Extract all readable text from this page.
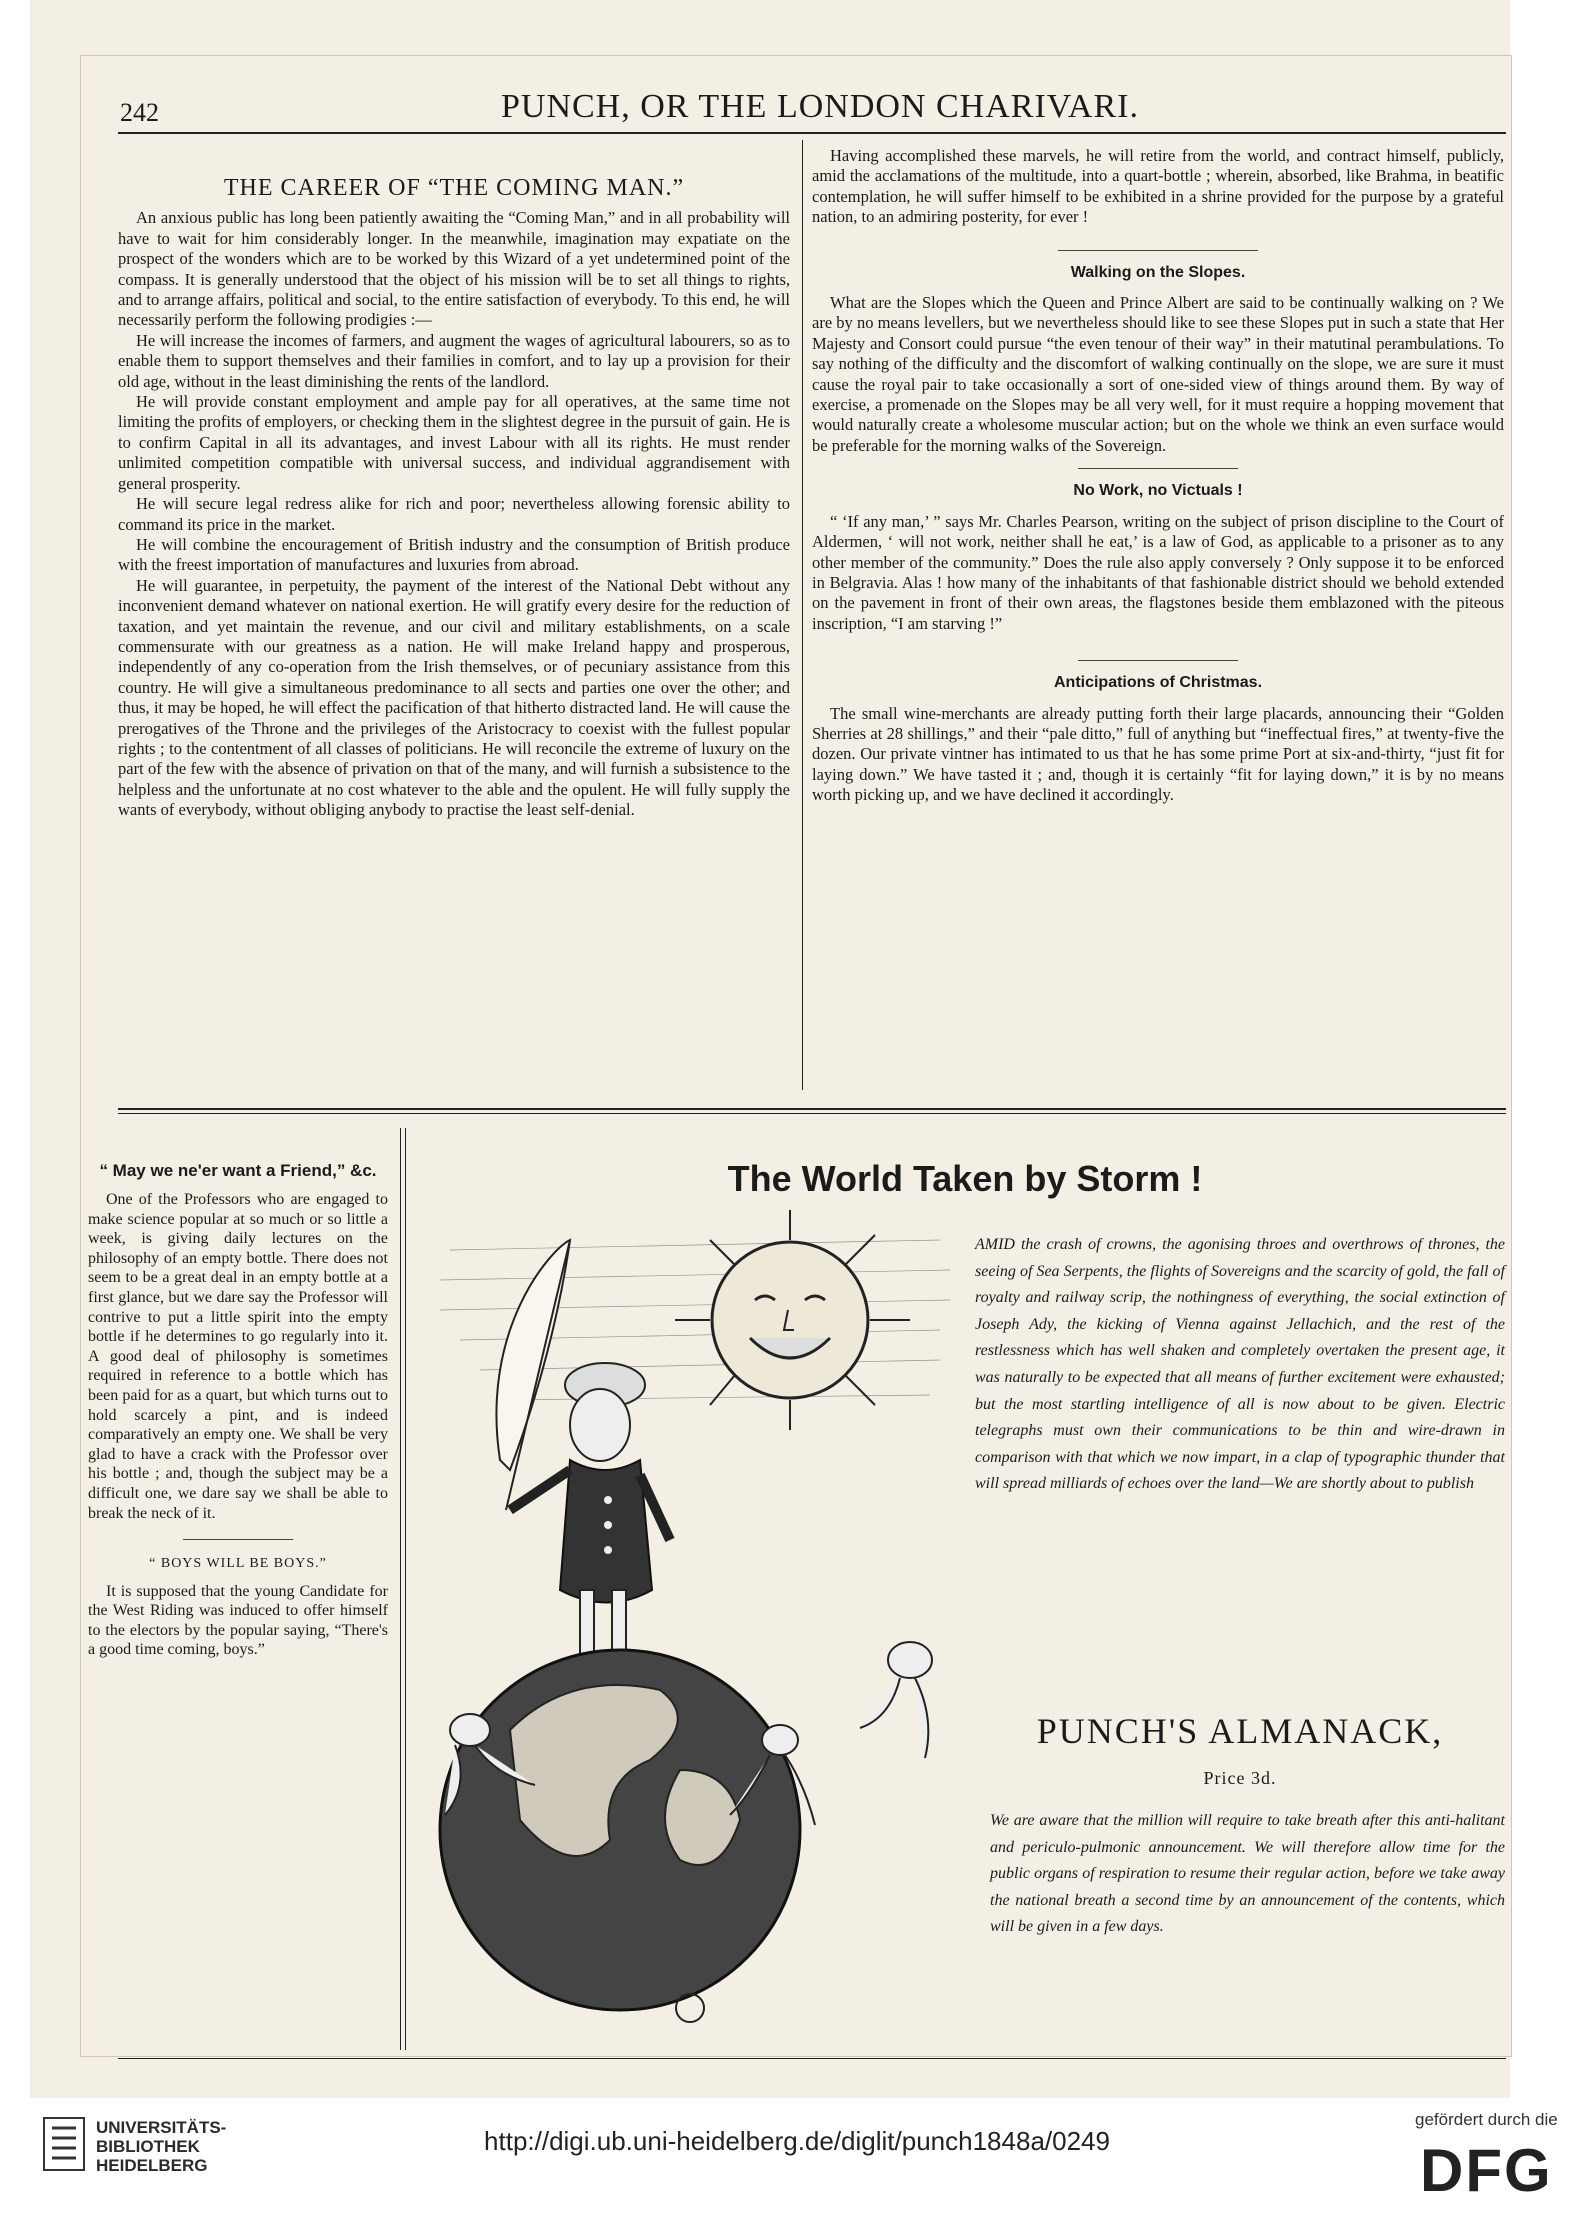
242	PUNCH, OR THE LONDON CHARIVARI.
THE CAREER OF “THE COMING MAN.”

An anxious public has long been patiently awaiting the “Coming Man,” and in all probability will have to wait for him considerably longer. In the meanwhile, imagination may expatiate on the prospect of the wonders which are to be worked by this Wizard of a yet undetermined point of the compass. It is generally understood that the object of his mission will be to set all things to rights, and to arrange affairs, political and social, to the entire satisfaction of everybody. To this end, he will necessarily perform the following prodigies :—

He will increase the incomes of farmers, and augment the wages of agricultural labourers, so as to enable them to support themselves and their families in comfort, and to lay up a provision for their old age, without in the least diminishing the rents of the landlord.

He will provide constant employment and ample pay for all operatives, at the same time not limiting the profits of employers, or checking them in the slightest degree in the pursuit of gain. He is to confirm Capital in all its advantages, and invest Labour with all its rights. He must render unlimited competition compatible with universal success, and individual aggrandisement with general prosperity.

He will secure legal redress alike for rich and poor; nevertheless allowing forensic ability to command its price in the market.

He will combine the encouragement of British industry and the consumption of British produce with the freest importation of manufactures and luxuries from abroad.

He will guarantee, in perpetuity, the payment of the interest of the National Debt without any inconvenient demand whatever on national exertion. He will gratify every desire for the reduction of taxation, and yet maintain the revenue, and our civil and military establishments, on a scale commensurate with our greatness as a nation. He will make Ireland happy and prosperous, independently of any co-operation from the Irish themselves, or of pecuniary assistance from this country. He will give a simultaneous predominance to all sects and parties one over the other; and thus, it may be hoped, he will effect the pacification of that hitherto distracted land. He will cause the prerogatives of the Throne and the privileges of the Aristocracy to coexist with the fullest popular rights ; to the contentment of all classes of politicians. He will reconcile the extreme of luxury on the part of the few with the absence of privation on that of the many, and will furnish a subsistence to the helpless and the unfortunate at no cost whatever to the able and the opulent. He will fully supply the wants of everybody, without obliging anybody to practise the least self-denial.

Having accomplished these marvels, he will retire from the world, and contract himself, publicly, amid the acclamations of the multitude, into a quart-bottle ; wherein, absorbed, like Brahma, in beatific contemplation, he will suffer himself to be exhibited in a shrine provided for the purpose by a grateful nation, to an admiring posterity, for ever !

Walking on the Slopes.

What are the Slopes which the Queen and Prince Albert are said to be continually walking on ? We are by no means levellers, but we nevertheless should like to see these Slopes put in such a state that Her Majesty and Consort could pursue “the even tenour of their way” in their matutinal perambulations. To say nothing of the difficulty and the discomfort of walking continually on the slope, we are sure it must cause the royal pair to take occasionally a sort of one-sided view of things around them. By way of exercise, a promenade on the Slopes may be all very well, for it must require a hopping movement that would naturally create a wholesome muscular action; but on the whole we think an even surface would be preferable for the morning walks of the Sovereign.

No Work, no Victuals !

“ ‘If any man,’ ” says Mr. Charles Pearson, writing on the subject of prison discipline to the Court of Aldermen, ‘ will not work, neither shall he eat,’ is a law of God, as applicable to a prisoner as to any other member of the community.” Does the rule also apply conversely ? Only suppose it to be enforced in Belgravia. Alas ! how many of the inhabitants of that fashionable district should we behold extended on the pavement in front of their own areas, the flagstones beside them emblazoned with the piteous inscription, “I am starving !”

Anticipations of Christmas.

The small wine-merchants are already putting forth their large placards, announcing their “Golden Sherries at 28 shillings,” and their “pale ditto,” full of anything but “ineffectual fires,” at twenty-five the dozen. Our private vintner has intimated to us that he has some prime Port at six-and-thirty, “just fit for laying down.” We have tasted it ; and, though it is certainly “fit for laying down,” it is by no means worth picking up, and we have declined it accordingly.

“ May we ne'er want a Friend,” &c.

One of the Professors who are engaged to make science popular at so much or so little a week, is giving daily lectures on the philosophy of an empty bottle. There does not seem to be a great deal in an empty bottle at a first glance, but we dare say the Professor will contrive to put a little spirit into the empty bottle if he determines to go regularly into it. A good deal of philosophy is sometimes required in reference to a bottle which has been paid for as a quart, but which turns out to hold scarcely a pint, and is indeed comparatively an empty one. We shall be very glad to have a crack with the Professor over his bottle ; and, though the subject may be a difficult one, we dare say we shall be able to break the neck of it.

“ BOYS WILL BE BOYS.”

It is supposed that the young Candidate for the West Riding was induced to offer himself to the electors by the popular saying, “There's a good time coming, boys.”

The World Taken by Storm !
AMID the crash of crowns, the agonising throes and overthrows of thrones, the seeing of Sea Serpents, the flights of Sovereigns and the scarcity of gold, the fall of royalty and railway scrip, the nothingness of everything, the social extinction of Joseph Ady, the kicking of Vienna against Jellachich, and the rest of the restlessness which has well shaken and completely overtaken the present age, it was naturally to be expected that all means of further excitement were exhausted; but the most startling intelligence of all is now about to be given. Electric telegraphs must own their communications to be thin and wire-drawn in comparison with that which we now impart, in a clap of typographic thunder that will spread milliards of echoes over the land—We are shortly about to publish
PUNCH'S ALMANACK,
Price 3d.
We are aware that the million will require to take breath after this anti-halitant and periculo-pulmonic announcement. We will therefore allow time for the public organs of respiration to resume their regular action, before we take away the national breath a second time by an announcement of the contents, which will be given in a few days.
UNIVERSITÄTS-
BIBLIOTHEK
HEIDELBERG
http://digi.ub.uni-heidelberg.de/diglit/punch1848a/0249
gefördert durch die
DFG
